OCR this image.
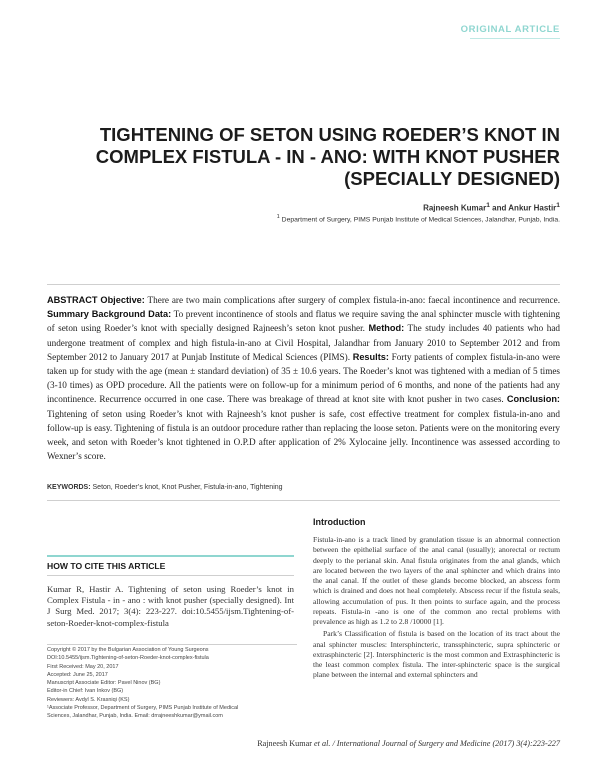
ORIGINAL ARTICLE
TIGHTENING OF SETON USING ROEDER’S KNOT IN
COMPLEX FISTULA - IN - ANO: WITH KNOT PUSHER
(SPECIALLY DESIGNED)
Rajneesh Kumar$^1$ and Ankur Hastir$^1$
$^1$ Department of Surgery, PIMS Punjab Institute of Medical Sciences, Jalandhar, Punjab, India.
ABSTRACT Objective: There are two main complications after surgery of complex fistula-in-ano: faecal incontinence and recurrence. Summary Background Data: To prevent incontinence of stools and flatus we require saving the anal sphincter muscle with tightening of seton using Roeder’s knot with specially designed Rajneesh’s seton knot pusher. Method: The study includes 40 patients who had undergone treatment of complex and high fistula-in-ano at Civil Hospital, Jalandhar from January 2010 to September 2012 and from September 2012 to January 2017 at Punjab Institute of Medical Sciences (PIMS). Results: Forty patients of complex fistula-in-ano were taken up for study with the age (mean ± standard deviation) of 35 ± 10.6 years. The Roeder’s knot was tightened with a median of 5 times (3-10 times) as OPD procedure. All the patients were on follow-up for a minimum period of 6 months, and none of the patients had any incontinence. Recurrence occurred in one case. There was breakage of thread at knot site with knot pusher in two cases. Conclusion: Tightening of seton using Roeder’s knot with Rajneesh’s knot pusher is safe, cost effective treatment for complex fistula-in-ano and follow-up is easy. Tightening of fistula is an outdoor procedure rather than replacing the loose seton. Patients were on the monitoring every week, and seton with Roeder’s knot tightened in O.P.D after application of 2% Xylocaine jelly. Incontinence was assessed according to Wexner’s score.
KEYWORDS: Seton, Roeder’s knot, Knot Pusher, Fistula-in-ano, Tightening
HOW TO CITE THIS ARTICLE
Kumar R, Hastir A. Tightening of seton using Roeder’s knot in Complex Fistula - in - ano : with knot pusher (specially designed). Int J Surg Med. 2017; 3(4): 223-227. doi:10.5455/ijsm.Tightening-of-seton-Roeder-knot-complex-fistula
Copyright © 2017 by the Bulgarian Association of Young Surgeons
DOI:10.5455/ijsm.Tightening-of-seton-Roeder-knot-complex-fistula
First Received: May 20, 2017
Accepted: June 25, 2017
Manuscript Associate Editor: Pavel Ninov (BG)
Editor-in Chief: Ivan Inkov (BG)
Reviewers: Avdyl S. Krasniqi (KS)
¹Associate Professor, Department of Surgery, PIMS Punjab Institute of Medical
Sciences, Jalandhar, Punjab, India. Email: drrajneeshkumar@ymail.com
Introduction

Fistula-in-ano is a track lined by granulation tissue is an abnormal connection between the epithelial surface of the anal canal (usually); anorectal or rectum deeply to the perianal skin. Anal fistula originates from the anal glands, which are located between the two layers of the anal sphincter and which drains into the anal canal. If the outlet of these glands become blocked, an abscess form which is drained and does not heal completely. Abscess recur if the fistula seals, allowing accumulation of pus. It then points to surface again, and the process repeats. Fistula-in -ano is one of the common ano rectal problems with prevalence as high as 1.2 to 2.8 /10000 [1].

Park’s Classification of fistula is based on the location of its tract about the anal sphincter muscles: Intersphincteric, transsphincteric, supra sphincteric or extrasphincteric [2]. Intersphincteric is the most common and Extrasphincteric is the least common complex fistula. The inter-sphincteric space is the surgical plane between the internal and external sphincters and

Rajneesh Kumar et al. / International Journal of Surgery and Medicine (2017) 3(4):223-227
